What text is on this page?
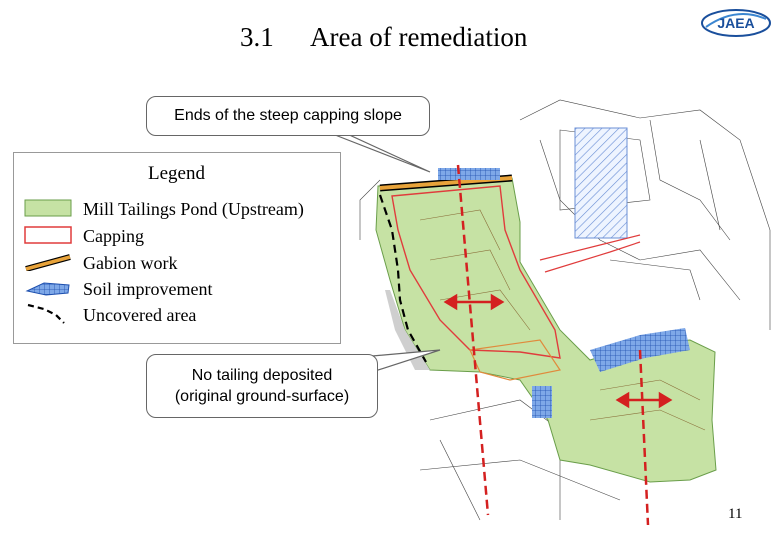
3.1 Area of remediation	JAEA
Ends of the steep capping slope
No tailing deposited
(original ground-surface)
Legend
Mill Tailings Pond (Upstream)
Capping
Gabion work
Soil improvement
Uncovered area
11
